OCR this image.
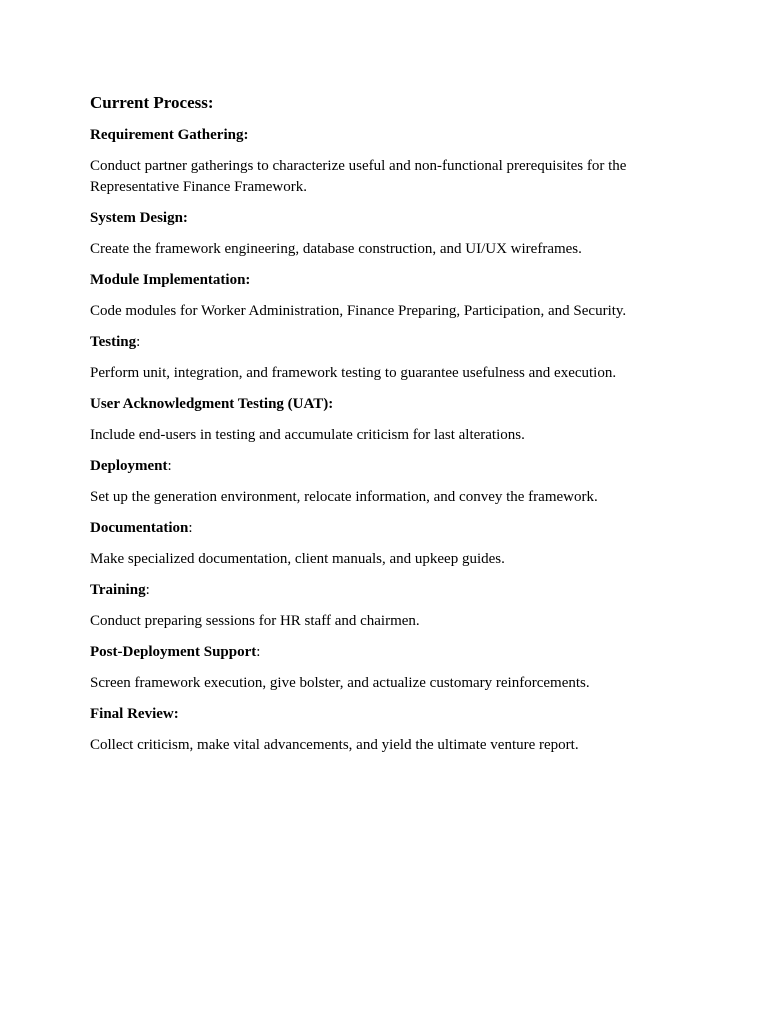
Current Process:
Requirement Gathering:
Conduct partner gatherings to characterize useful and non-functional prerequisites for the Representative Finance Framework.
System Design:
Create the framework engineering, database construction, and UI/UX wireframes.
Module Implementation:
Code modules for Worker Administration, Finance Preparing, Participation, and Security.
Testing:
Perform unit, integration, and framework testing to guarantee usefulness and execution.
User Acknowledgment Testing (UAT):
Include end-users in testing and accumulate criticism for last alterations.
Deployment:
Set up the generation environment, relocate information, and convey the framework.
Documentation:
Make specialized documentation, client manuals, and upkeep guides.
Training:
Conduct preparing sessions for HR staff and chairmen.
Post-Deployment Support:
Screen framework execution, give bolster, and actualize customary reinforcements.
Final Review:
Collect criticism, make vital advancements, and yield the ultimate venture report.
